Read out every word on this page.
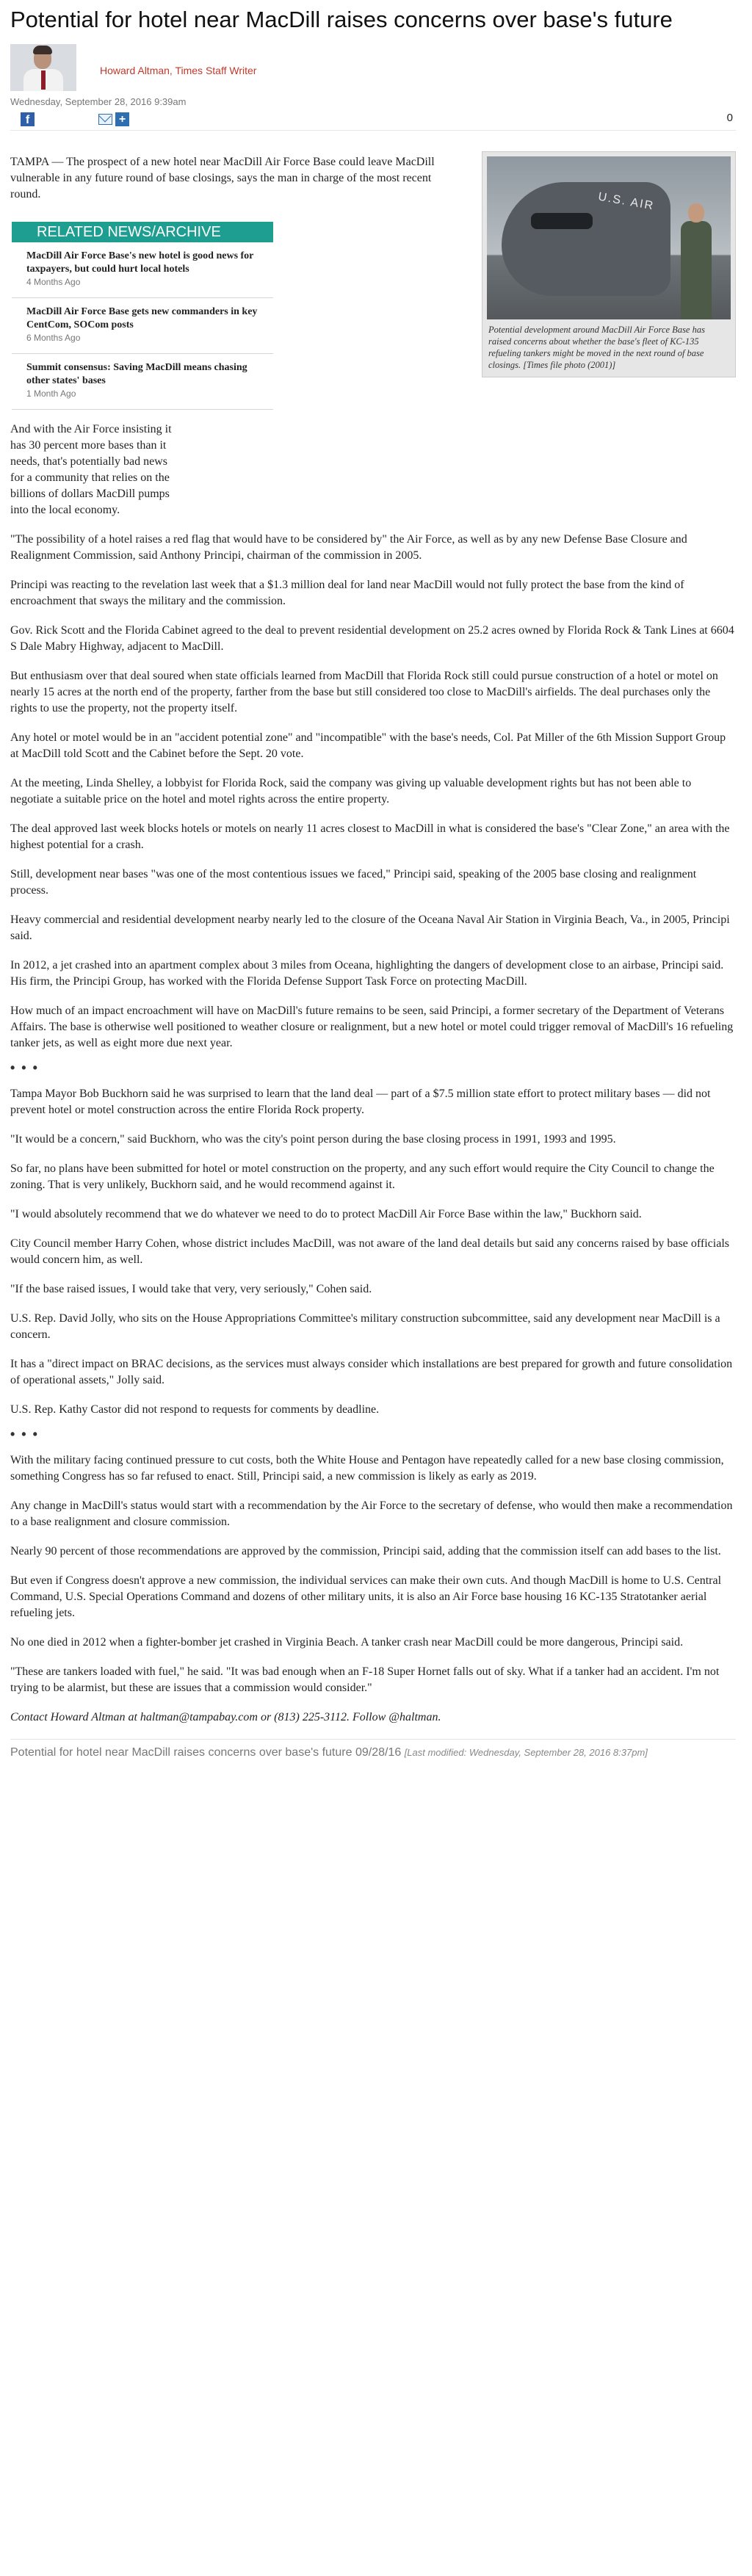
Potential for hotel near MacDill raises concerns over base's future
Howard Altman, Times Staff Writer
Wednesday, September 28, 2016 9:39am
f	+	0
U.S. AIR
Potential development around MacDill Air Force Base has raised concerns about whether the base's fleet of KC-135 refueling tankers might be moved in the next round of base closings. [Times file photo (2001)]

TAMPA — The prospect of a new hotel near MacDill Air Force Base could leave MacDill vulnerable in any future round of base closings, says the man in charge of the most recent round.

RELATED NEWS/ARCHIVE
MacDill Air Force Base's new hotel is good news for taxpayers, but could hurt local hotels
4 Months Ago
MacDill Air Force Base gets new commanders in key CentCom, SOCom posts
6 Months Ago
Summit consensus: Saving MacDill means chasing other states' bases
1 Month Ago

And with the Air Force insisting it has 30 percent more bases than it needs, that's potentially bad news for a community that relies on the billions of dollars MacDill pumps into the local economy.

"The possibility of a hotel raises a red flag that would have to be considered by" the Air Force, as well as by any new Defense Base Closure and Realignment Commission, said Anthony Principi, chairman of the commission in 2005.

Principi was reacting to the revelation last week that a $1.3 million deal for land near MacDill would not fully protect the base from the kind of encroachment that sways the military and the commission.

Gov. Rick Scott and the Florida Cabinet agreed to the deal to prevent residential development on 25.2 acres owned by Florida Rock & Tank Lines at 6604 S Dale Mabry Highway, adjacent to MacDill.

But enthusiasm over that deal soured when state officials learned from MacDill that Florida Rock still could pursue construction of a hotel or motel on nearly 15 acres at the north end of the property, farther from the base but still considered too close to MacDill's airfields. The deal purchases only the rights to use the property, not the property itself.

Any hotel or motel would be in an "accident potential zone" and "incompatible" with the base's needs, Col. Pat Miller of the 6th Mission Support Group at MacDill told Scott and the Cabinet before the Sept. 20 vote.

At the meeting, Linda Shelley, a lobbyist for Florida Rock, said the company was giving up valuable development rights but has not been able to negotiate a suitable price on the hotel and motel rights across the entire property.

The deal approved last week blocks hotels or motels on nearly 11 acres closest to MacDill in what is considered the base's "Clear Zone," an area with the highest potential for a crash.

Still, development near bases "was one of the most contentious issues we faced," Principi said, speaking of the 2005 base closing and realignment process.

Heavy commercial and residential development nearby nearly led to the closure of the Oceana Naval Air Station in Virginia Beach, Va., in 2005, Principi said.

In 2012, a jet crashed into an apartment complex about 3 miles from Oceana, highlighting the dangers of development close to an airbase, Principi said. His firm, the Principi Group, has worked with the Florida Defense Support Task Force on protecting MacDill.

How much of an impact encroachment will have on MacDill's future remains to be seen, said Principi, a former secretary of the Department of Veterans Affairs. The base is otherwise well positioned to weather closure or realignment, but a new hotel or motel could trigger removal of MacDill's 16 refueling tanker jets, as well as eight more due next year.

• • •

Tampa Mayor Bob Buckhorn said he was surprised to learn that the land deal — part of a $7.5 million state effort to protect military bases — did not prevent hotel or motel construction across the entire Florida Rock property.

"It would be a concern," said Buckhorn, who was the city's point person during the base closing process in 1991, 1993 and 1995.

So far, no plans have been submitted for hotel or motel construction on the property, and any such effort would require the City Council to change the zoning. That is very unlikely, Buckhorn said, and he would recommend against it.

"I would absolutely recommend that we do whatever we need to do to protect MacDill Air Force Base within the law," Buckhorn said.

City Council member Harry Cohen, whose district includes MacDill, was not aware of the land deal details but said any concerns raised by base officials would concern him, as well.

"If the base raised issues, I would take that very, very seriously," Cohen said.

U.S. Rep. David Jolly, who sits on the House Appropriations Committee's military construction subcommittee, said any development near MacDill is a concern.

It has a "direct impact on BRAC decisions, as the services must always consider which installations are best prepared for growth and future consolidation of operational assets," Jolly said.

U.S. Rep. Kathy Castor did not respond to requests for comments by deadline.

• • •

With the military facing continued pressure to cut costs, both the White House and Pentagon have repeatedly called for a new base closing commission, something Congress has so far refused to enact. Still, Principi said, a new commission is likely as early as 2019.

Any change in MacDill's status would start with a recommendation by the Air Force to the secretary of defense, who would then make a recommendation to a base realignment and closure commission.

Nearly 90 percent of those recommendations are approved by the commission, Principi said, adding that the commission itself can add bases to the list.

But even if Congress doesn't approve a new commission, the individual services can make their own cuts. And though MacDill is home to U.S. Central Command, U.S. Special Operations Command and dozens of other military units, it is also an Air Force base housing 16 KC-135 Stratotanker aerial refueling jets.

No one died in 2012 when a fighter-bomber jet crashed in Virginia Beach. A tanker crash near MacDill could be more dangerous, Principi said.

"These are tankers loaded with fuel," he said. "It was bad enough when an F-18 Super Hornet falls out of sky. What if a tanker had an accident. I'm not trying to be alarmist, but these are issues that a commission would consider."

Contact Howard Altman at haltman@tampabay.com or (813) 225-3112. Follow @haltman.

Potential for hotel near MacDill raises concerns over base's future 09/28/16 [Last modified: Wednesday, September 28, 2016 8:37pm]
